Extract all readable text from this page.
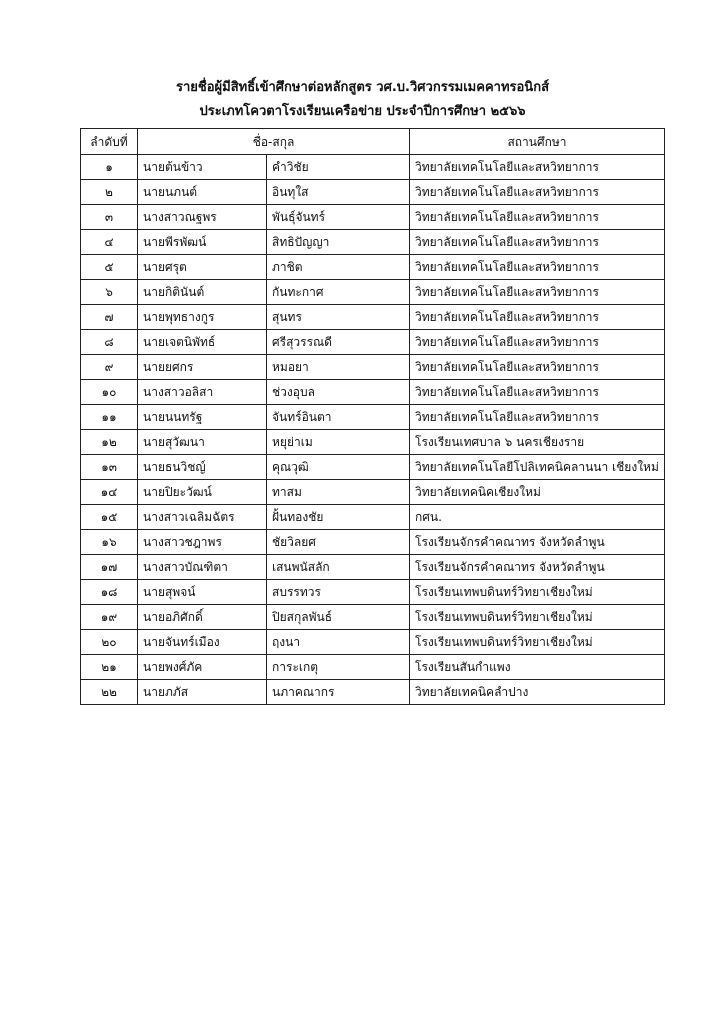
รายชื่อผู้มีสิทธิ์เข้าศึกษาต่อหลักสูตร วศ.บ.วิศวกรรมเมคคาทรอนิกส์
ประเภทโควตาโรงเรียนเครือข่าย ประจำปีการศึกษา ๒๕๖๖
ลำดับที่	ชื่อ-สกุล		สถานศึกษา
๑	นายต้นข้าว	คำวิชัย	วิทยาลัยเทคโนโลยีและสหวิทยาการ
๒	นายนภนต์	อินทุใส	วิทยาลัยเทคโนโลยีและสหวิทยาการ
๓	นางสาวณฐพร	พันธุ์จันทร์	วิทยาลัยเทคโนโลยีและสหวิทยาการ
๔	นายพีรพัฒน์	สิทธิปัญญา	วิทยาลัยเทคโนโลยีและสหวิทยาการ
๕	นายศรุต	ภาชิต	วิทยาลัยเทคโนโลยีและสหวิทยาการ
๖	นายกิตินันต์	กันทะกาศ	วิทยาลัยเทคโนโลยีและสหวิทยาการ
๗	นายพุทธางกูร	สุนทร	วิทยาลัยเทคโนโลยีและสหวิทยาการ
๘	นายเจตนิพัทธ์	ศรีสุวรรณดี	วิทยาลัยเทคโนโลยีและสหวิทยาการ
๙	นายยศกร	หมอยา	วิทยาลัยเทคโนโลยีและสหวิทยาการ
๑๐	นางสาวอลิสา	ช่วงอุบล	วิทยาลัยเทคโนโลยีและสหวิทยาการ
๑๑	นายนนทรัฐ	จันทร์อินตา	วิทยาลัยเทคโนโลยีและสหวิทยาการ
๑๒	นายสุวัฒนา	หยุย่าเม	โรงเรียนเทศบาล ๖ นครเชียงราย
๑๓	นายธนวิชญ์	คุณวุฒิ	วิทยาลัยเทคโนโลยีโปลิเทคนิคลานนา เชียงใหม่
๑๔	นายปิยะวัฒน์	ทาสม	วิทยาลัยเทคนิคเชียงใหม่
๑๕	นางสาวเฉลิมฉัตร	ฝั้นทองชัย	กศน.
๑๖	นางสาวชฎาพร	ชัยวิลยศ	โรงเรียนจักรคำคณาทร จังหวัดลำพูน
๑๗	นางสาวบัณฑิตา	เสนพนัสลัก	โรงเรียนจักรคำคณาทร จังหวัดลำพูน
๑๘	นายสุพจน์	สบรรทวร	โรงเรียนเทพบดินทร์วิทยาเชียงใหม่
๑๙	นายอภิศักดิ์	ปิยสกุลพันธ์	โรงเรียนเทพบดินทร์วิทยาเชียงใหม่
๒๐	นายจันทร์เมือง	ฤงนา	โรงเรียนเทพบดินทร์วิทยาเชียงใหม่
๒๑	นายพงศ์ภัค	การะเกตุ	โรงเรียนสันกำแพง
๒๒	นายภภัส	นภาคณากร	วิทยาลัยเทคนิคลำปาง
